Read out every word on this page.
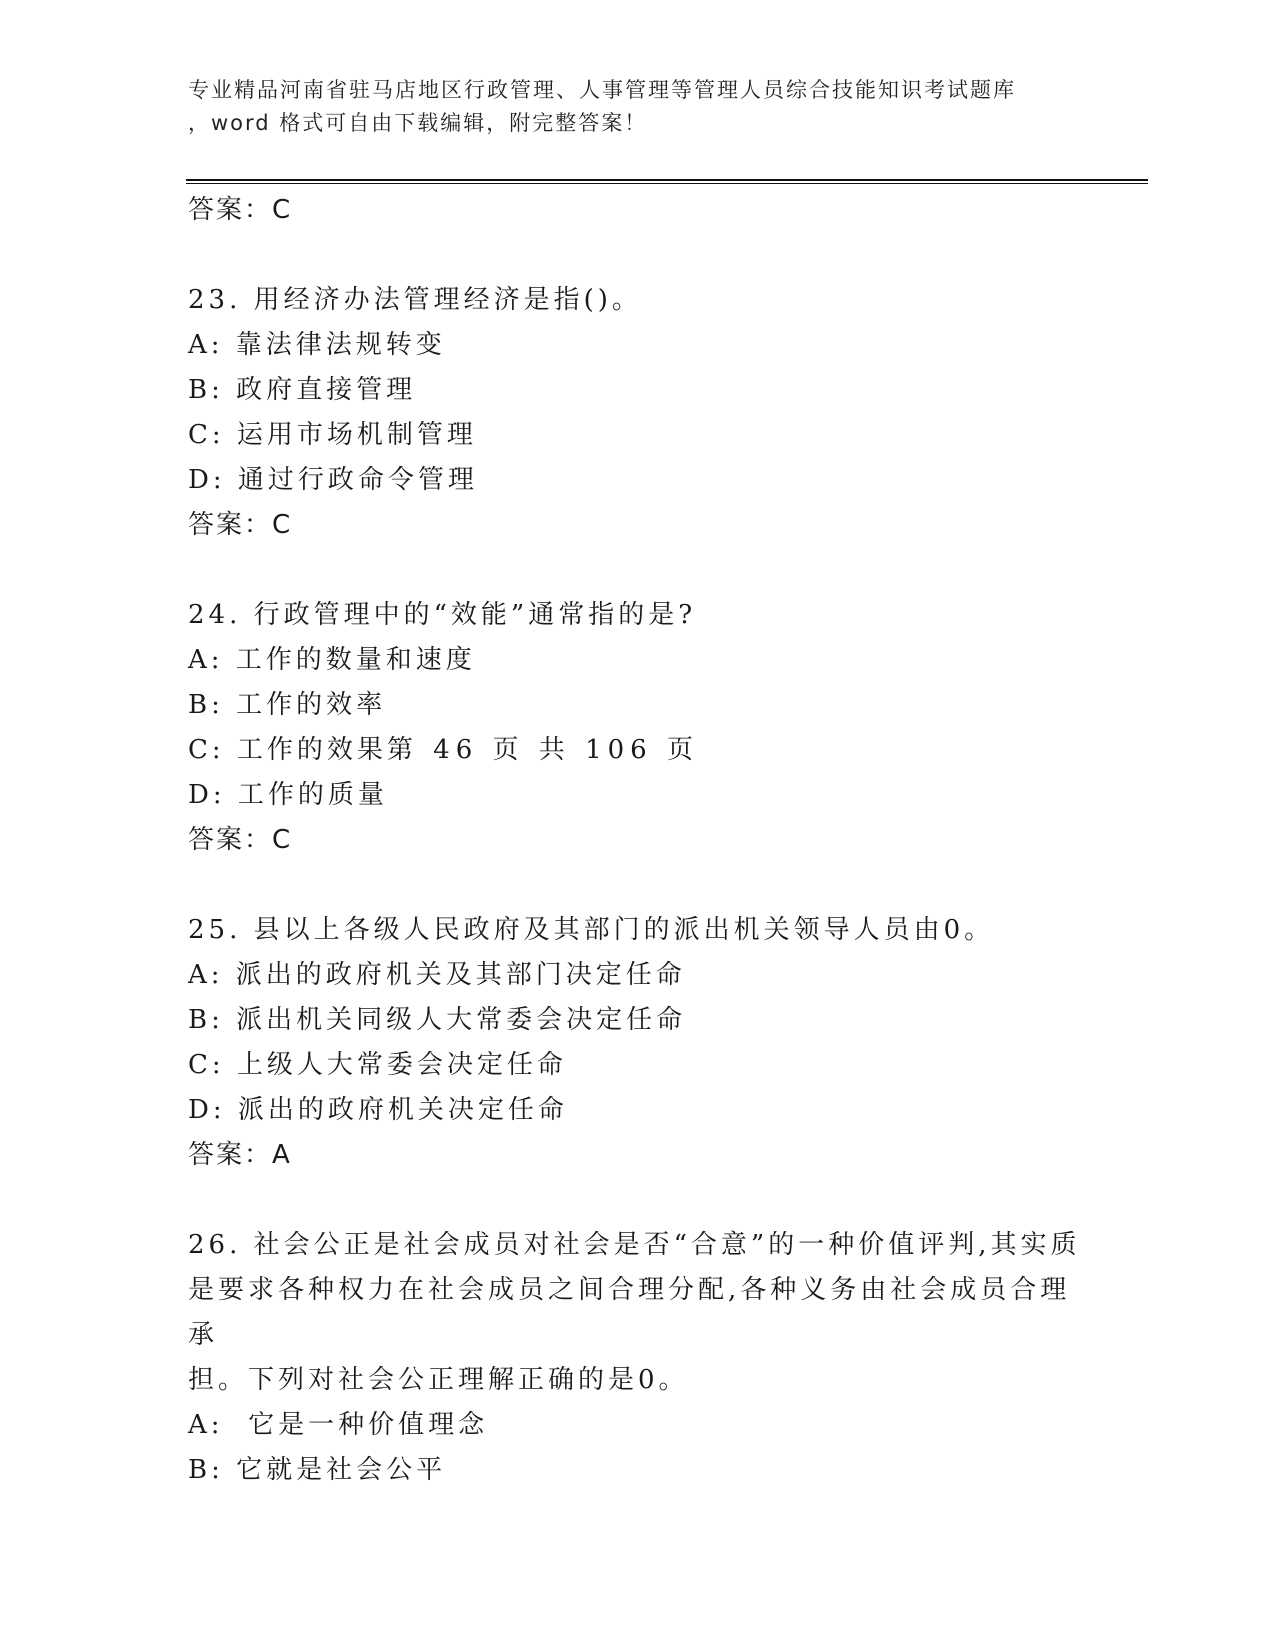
专业精品河南省驻马店地区行政管理、人事管理等管理人员综合技能知识考试题库
，word 格式可自由下载编辑，附完整答案！
答案：C
23. 用经济办法管理经济是指()。
A: 靠法律法规转变
B: 政府直接管理
C: 运用市场机制管理
D: 通过行政命令管理
答案：C
24. 行政管理中的“效能”通常指的是?
A: 工作的数量和速度
B: 工作的效率
C: 工作的效果第 46 页 共 106 页
D: 工作的质量
答案：C
25. 县以上各级人民政府及其部门的派出机关领导人员由0。
A: 派出的政府机关及其部门决定任命
B: 派出机关同级人大常委会决定任命
C: 上级人大常委会决定任命
D: 派出的政府机关决定任命
答案：A
26. 社会公正是社会成员对社会是否“合意”的一种价值评判,其实质
是要求各种权力在社会成员之间合理分配,各种义务由社会成员合理承
担。下列对社会公正理解正确的是0。
A:  它是一种价值理念
B: 它就是社会公平
